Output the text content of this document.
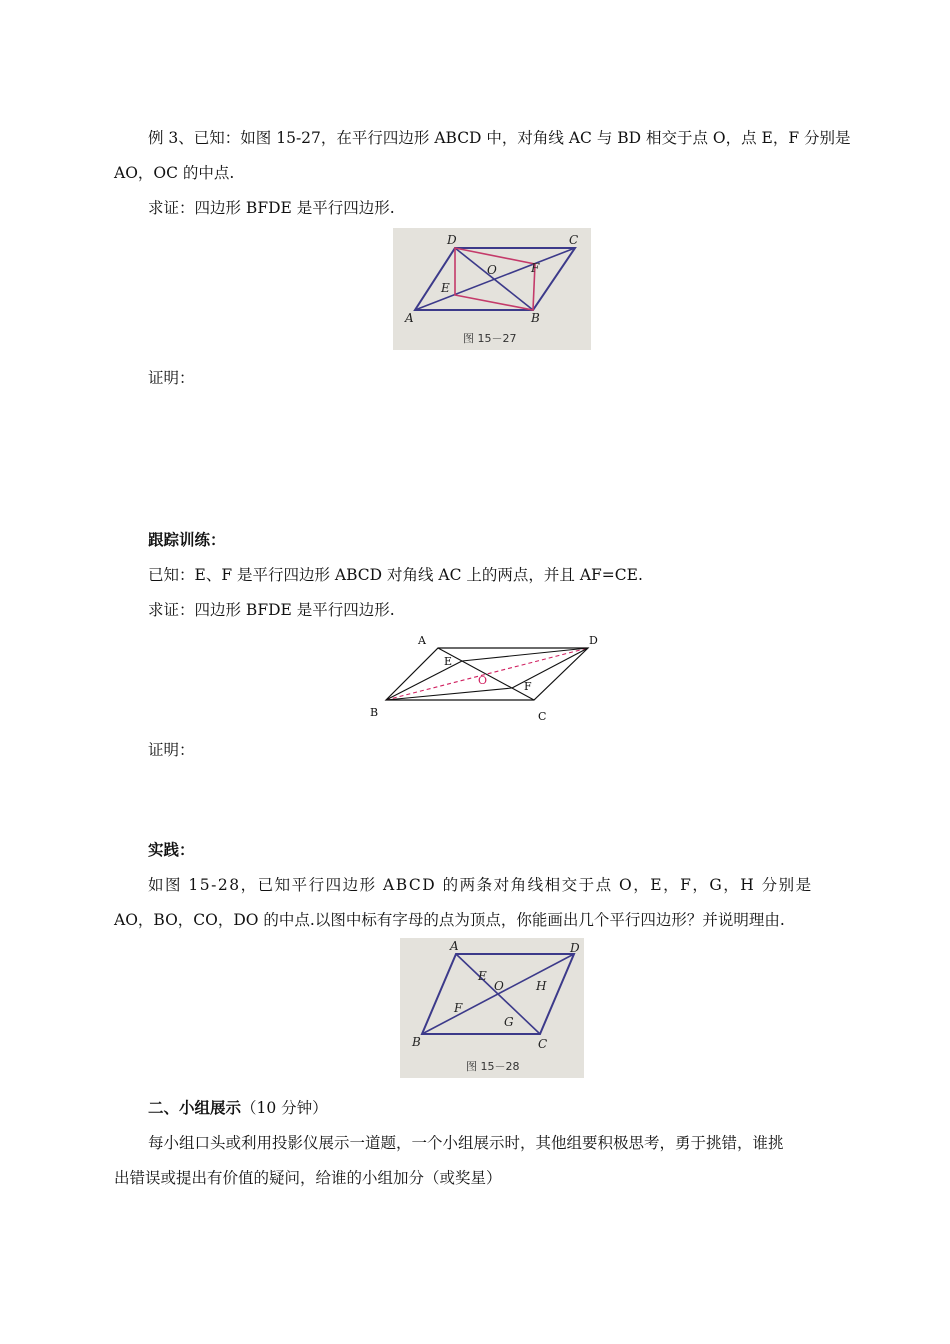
例 3、已知：如图 15-27，在平行四边形 ABCD 中，对角线 AC 与 BD 相交于点 O，点 E，F 分别是
AO，OC 的中点.
求证：四边形 BFDE 是平行四边形.
D	C
A	B
O	F
E
图 15－27
证明：
跟踪训练：
已知：E、F 是平行四边形 ABCD 对角线 AC 上的两点，并且 AF=CE.
求证：四边形 BFDE 是平行四边形.
A	D
B	C
E
F
O
证明：
实践：
如图 15-28，已知平行四边形 ABCD 的两条对角线相交于点 O，E，F，G，H 分别是
AO，BO，CO，DO 的中点.以图中标有字母的点为顶点，你能画出几个平行四边形？并说明理由.
A	D
B	C
E
O	H
F
G
图 15－28
二、小组展示（10 分钟）
每小组口头或利用投影仪展示一道题，一个小组展示时，其他组要积极思考，勇于挑错，谁挑
出错误或提出有价值的疑问，给谁的小组加分（或奖星）
